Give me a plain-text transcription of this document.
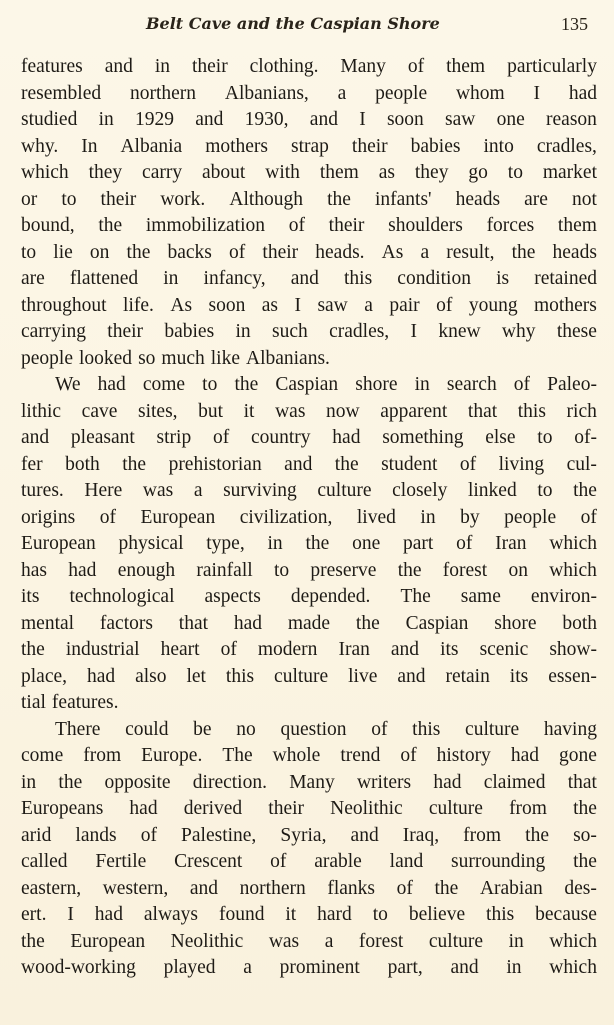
Belt Cave and the Caspian Shore	135
features and in their clothing. Many of them particularly
resembled northern Albanians, a people whom I had
studied in 1929 and 1930, and I soon saw one reason
why. In Albania mothers strap their babies into cradles,
which they carry about with them as they go to market
or to their work. Although the infants' heads are not
bound, the immobilization of their shoulders forces them
to lie on the backs of their heads. As a result, the heads
are flattened in infancy, and this condition is retained
throughout life. As soon as I saw a pair of young mothers
carrying their babies in such cradles, I knew why these
people looked so much like Albanians.
We had come to the Caspian shore in search of Paleo-
lithic cave sites, but it was now apparent that this rich
and pleasant strip of country had something else to of-
fer both the prehistorian and the student of living cul-
tures. Here was a surviving culture closely linked to the
origins of European civilization, lived in by people of
European physical type, in the one part of Iran which
has had enough rainfall to preserve the forest on which
its technological aspects depended. The same environ-
mental factors that had made the Caspian shore both
the industrial heart of modern Iran and its scenic show-
place, had also let this culture live and retain its essen-
tial features.
There could be no question of this culture having
come from Europe. The whole trend of history had gone
in the opposite direction. Many writers had claimed that
Europeans had derived their Neolithic culture from the
arid lands of Palestine, Syria, and Iraq, from the so-
called Fertile Crescent of arable land surrounding the
eastern, western, and northern flanks of the Arabian des-
ert. I had always found it hard to believe this because
the European Neolithic was a forest culture in which
wood-working played a prominent part, and in which
